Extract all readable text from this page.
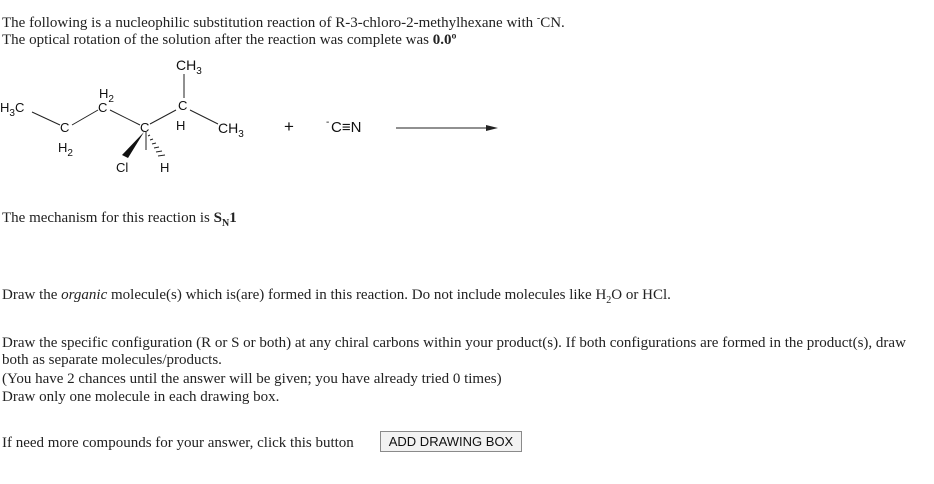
The following is a nucleophilic substitution reaction of R-3-chloro-2-methylhexane with -CN.
The optical rotation of the solution after the reaction was complete was 0.0º
$CH_3$
C
H
$H_3C$
$H_2$
C
C
$H_2$
C
Cl H
$CH_3$ +	- C≡N
The mechanism for this reaction is $S_N1$
Draw the organic molecule(s) which is(are) formed in this reaction. Do not include molecules like $H_2O$ or HCl.
Draw the specific configuration (R or S or both) at any chiral carbons within your product(s). If both configurations are formed in the product(s), draw
both as separate molecules/products.
(You have 2 chances until the answer will be given; you have already tried 0 times)
Draw only one molecule in each drawing box.
If need more compounds for your answer, click this button	ADD DRAWING BOX
